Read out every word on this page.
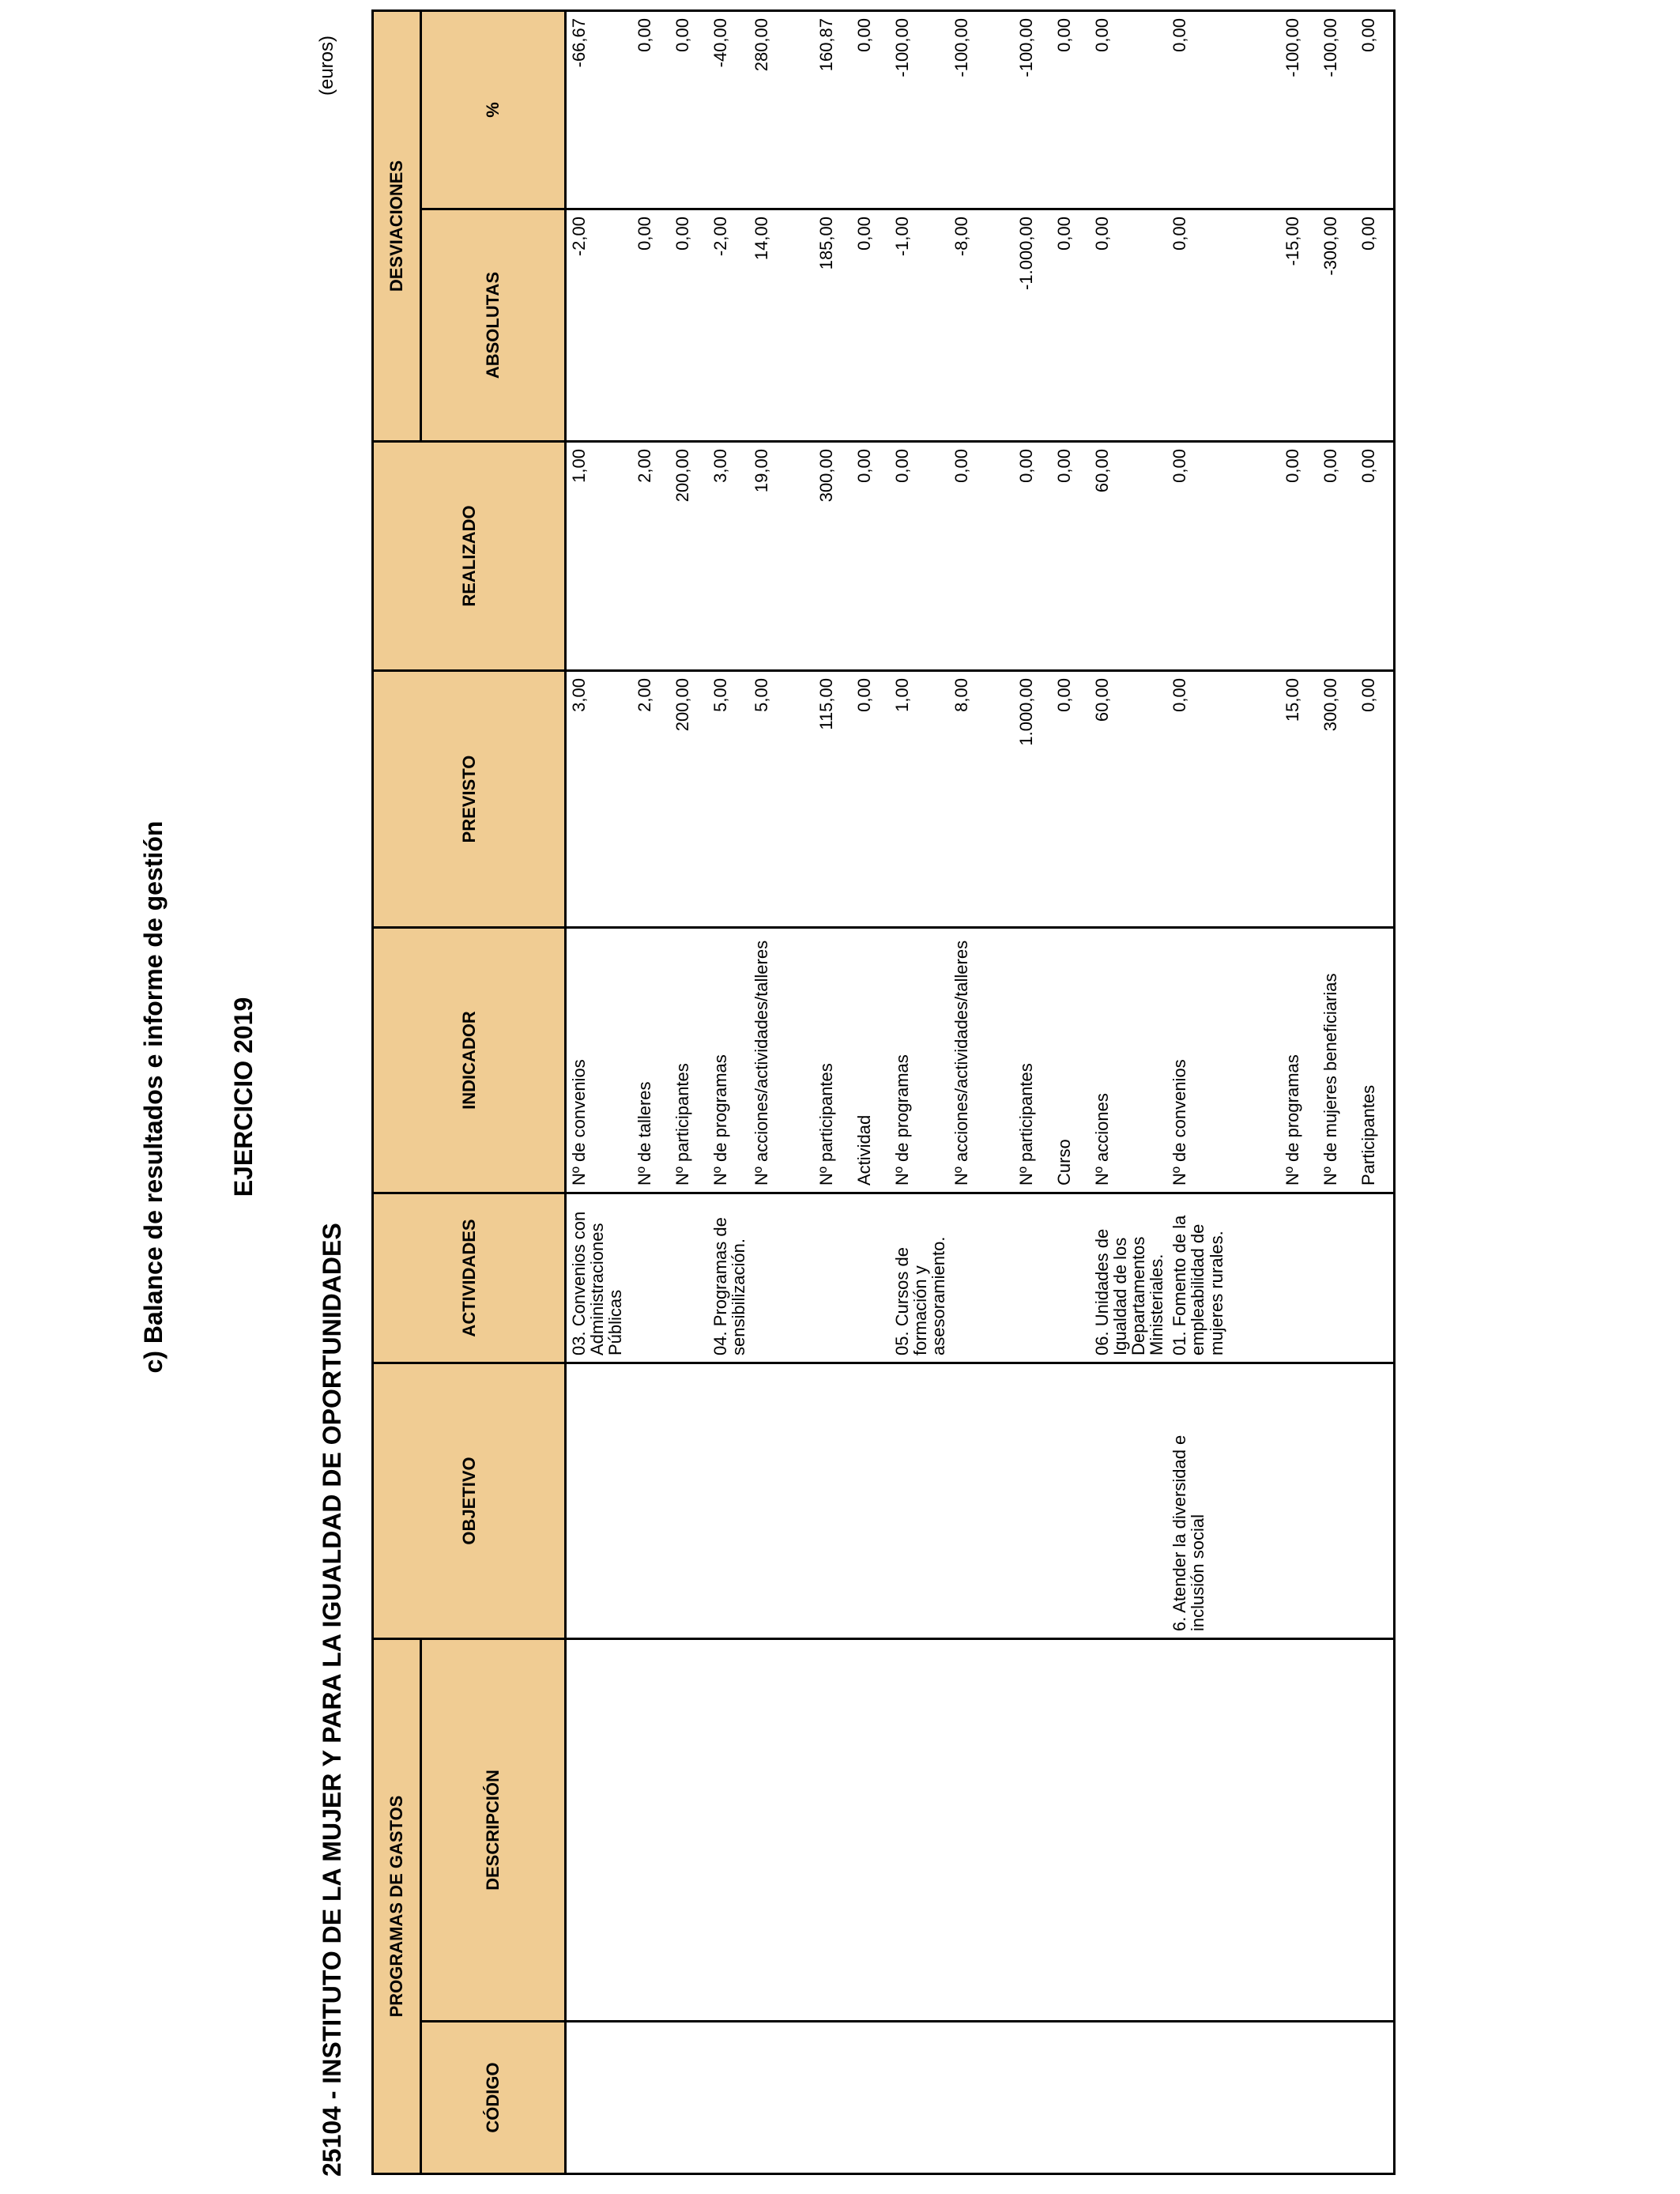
c) Balance de resultados e informe de gestión EJERCICIO 2019
25104 - INSTITUTO DE LA MUJER Y PARA LA IGUALDAD DE OPORTUNIDADES
(euros)
PROGRAMAS DE GASTOS		OBJETIVO	ACTIVIDADES	INDICADOR	PREVISTO	REALIZADO	DESVIACIONES	
CÓDIGO	DESCRIPCIÓN						ABSOLUTAS	%
			03. Convenios con Administraciones Públicas	Nº de convenios	3,00	1,00	-2,00	-66,67
				Nº de talleres	2,00	2,00	0,00	0,00
				Nº participantes	200,00	200,00	0,00	0,00
			04. Programas de sensibilización.	Nº de programas	5,00	3,00	-2,00	-40,00
				Nº acciones/actividades/talleres	5,00	19,00	14,00	280,00
				Nº participantes	115,00	300,00	185,00	160,87
				Actividad	0,00	0,00	0,00	0,00
			05. Cursos de formación y asesoramiento.	Nº de programas	1,00	0,00	-1,00	-100,00
				Nº acciones/actividades/talleres	8,00	0,00	-8,00	-100,00
				Nº participantes	1.000,00	0,00	-1.000,00	-100,00
				Curso	0,00	0,00	0,00	0,00
			06. Unidades de Igualdad de los Departamentos Ministeriales.	Nº acciones	60,00	60,00	0,00	0,00
		6. Atender la diversidad e inclusión social	01. Fomento de la empleabilidad de mujeres rurales.	Nº de convenios	0,00	0,00	0,00	0,00
				Nº de programas	15,00	0,00	-15,00	-100,00
				Nº de mujeres beneficiarias	300,00	0,00	-300,00	-100,00
				Participantes	0,00	0,00	0,00	0,00
